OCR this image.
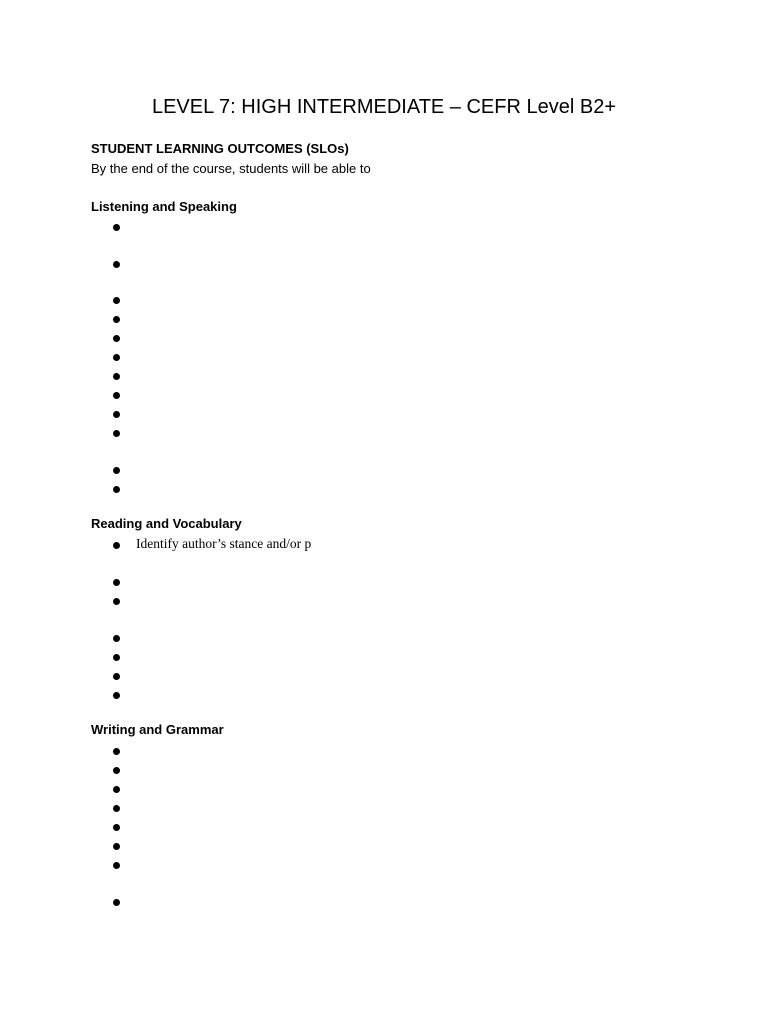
LEVEL 7: HIGH INTERMEDIATE – CEFR Level B2+
STUDENT LEARNING OUTCOMES (SLOs)
By the end of the course, students will be able to
Listening and Speaking
Reading and Vocabulary
Identify author’s stance and/or p
Writing and Grammar
